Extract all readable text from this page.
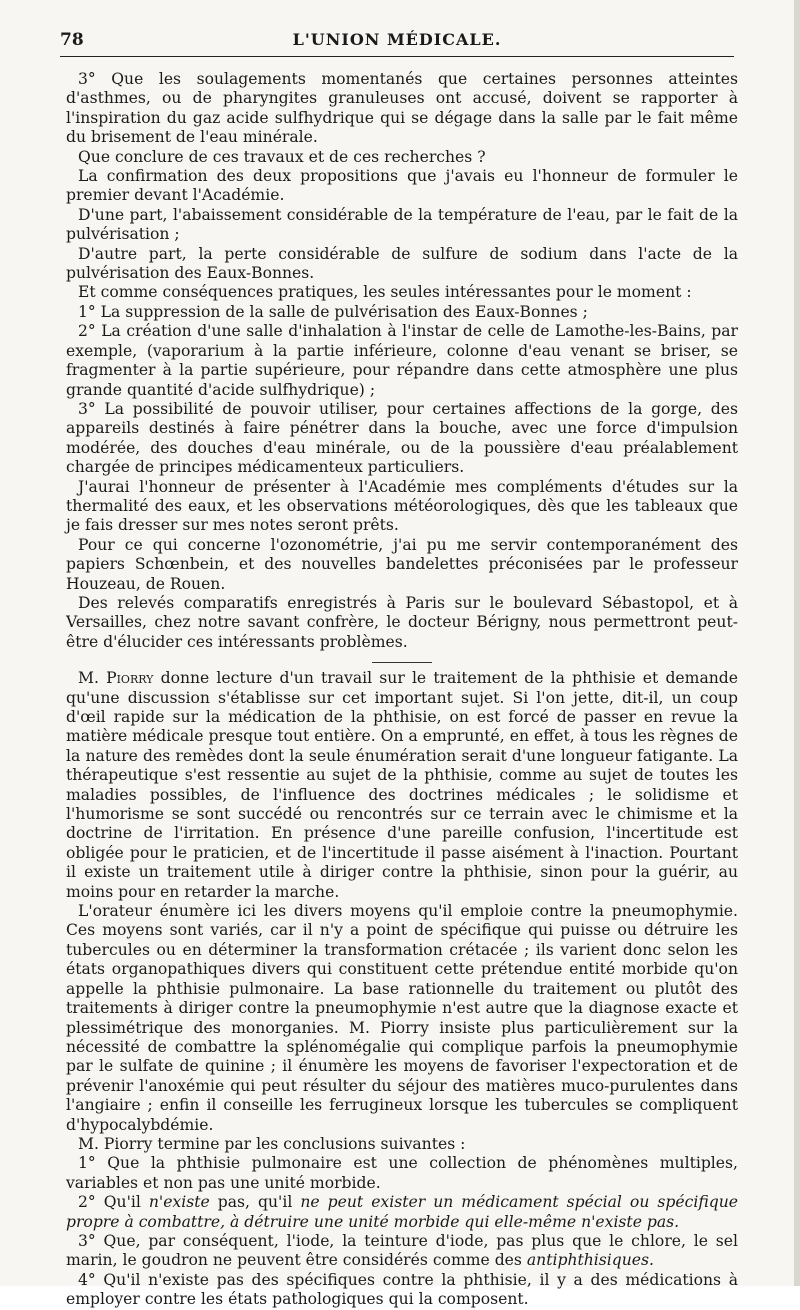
78	L'UNION MÉDICALE.

3° Que les soulagements momentanés que certaines personnes atteintes d'asthmes, ou de pharyngites granuleuses ont accusé, doivent se rapporter à l'inspiration du gaz acide sulfhydrique qui se dégage dans la salle par le fait même du brisement de l'eau minérale.

Que conclure de ces travaux et de ces recherches ?

La confirmation des deux propositions que j'avais eu l'honneur de formuler le premier devant l'Académie.

D'une part, l'abaissement considérable de la température de l'eau, par le fait de la pulvérisation ;

D'autre part, la perte considérable de sulfure de sodium dans l'acte de la pulvérisation des Eaux-Bonnes.

Et comme conséquences pratiques, les seules intéressantes pour le moment :

1° La suppression de la salle de pulvérisation des Eaux-Bonnes ;

2° La création d'une salle d'inhalation à l'instar de celle de Lamothe-les-Bains, par exemple, (vaporarium à la partie inférieure, colonne d'eau venant se briser, se fragmenter à la partie supérieure, pour répandre dans cette atmosphère une plus grande quantité d'acide sulfhydrique) ;

3° La possibilité de pouvoir utiliser, pour certaines affections de la gorge, des appareils destinés à faire pénétrer dans la bouche, avec une force d'impulsion modérée, des douches d'eau minérale, ou de la poussière d'eau préalablement chargée de principes médicamenteux particuliers.

J'aurai l'honneur de présenter à l'Académie mes compléments d'études sur la thermalité des eaux, et les observations météorologiques, dès que les tableaux que je fais dresser sur mes notes seront prêts.

Pour ce qui concerne l'ozonométrie, j'ai pu me servir contemporanément des papiers Schœnbein, et des nouvelles bandelettes préconisées par le professeur Houzeau, de Rouen.

Des relevés comparatifs enregistrés à Paris sur le boulevard Sébastopol, et à Versailles, chez notre savant confrère, le docteur Bérigny, nous permettront peut-être d'élucider ces intéressants problèmes.

M. Piorry donne lecture d'un travail sur le traitement de la phthisie et demande qu'une discussion s'établisse sur cet important sujet. Si l'on jette, dit-il, un coup d'œil rapide sur la médication de la phthisie, on est forcé de passer en revue la matière médicale presque tout entière. On a emprunté, en effet, à tous les règnes de la nature des remèdes dont la seule énumération serait d'une longueur fatigante. La thérapeutique s'est ressentie au sujet de la phthisie, comme au sujet de toutes les maladies possibles, de l'influence des doctrines médicales ; le solidisme et l'humorisme se sont succédé ou rencontrés sur ce terrain avec le chimisme et la doctrine de l'irritation. En présence d'une pareille confusion, l'incertitude est obligée pour le praticien, et de l'incertitude il passe aisément à l'inaction. Pourtant il existe un traitement utile à diriger contre la phthisie, sinon pour la guérir, au moins pour en retarder la marche.

L'orateur énumère ici les divers moyens qu'il emploie contre la pneumophymie. Ces moyens sont variés, car il n'y a point de spécifique qui puisse ou détruire les tubercules ou en déterminer la transformation crétacée ; ils varient donc selon les états organopathiques divers qui constituent cette prétendue entité morbide qu'on appelle la phthisie pulmonaire. La base rationnelle du traitement ou plutôt des traitements à diriger contre la pneumophymie n'est autre que la diagnose exacte et plessimétrique des monorganies. M. Piorry insiste plus particulièrement sur la nécessité de combattre la splénomégalie qui complique parfois la pneumophymie par le sulfate de quinine ; il énumère les moyens de favoriser l'expectoration et de prévenir l'anoxémie qui peut résulter du séjour des matières muco-purulentes dans l'angiaire ; enfin il conseille les ferrugineux lorsque les tubercules se compliquent d'hypocalybdémie.

M. Piorry termine par les conclusions suivantes :

1° Que la phthisie pulmonaire est une collection de phénomènes multiples, variables et non pas une unité morbide.

2° Qu'il n'existe pas, qu'il ne peut exister un médicament spécial ou spécifique propre à combattre, à détruire une unité morbide qui elle-même n'existe pas.

3° Que, par conséquent, l'iode, la teinture d'iode, pas plus que le chlore, le sel marin, le goudron ne peuvent être considérés comme des antiphthisiques.

4° Qu'il n'existe pas des spécifiques contre la phthisie, il y a des médications à employer contre les états pathologiques qui la composent.
